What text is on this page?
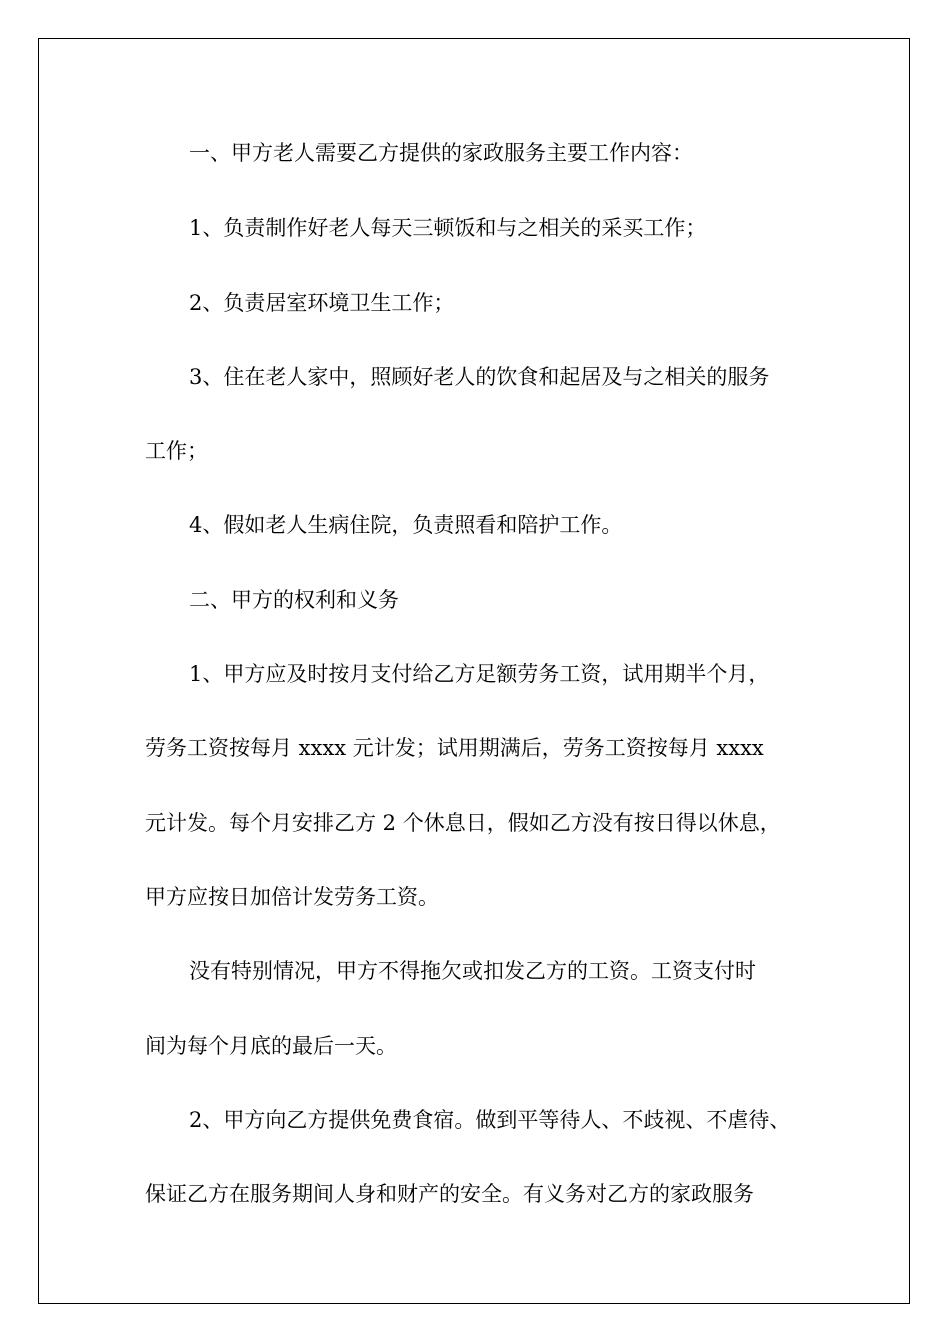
一、甲方老人需要乙方提供的家政服务主要工作内容：

1、负责制作好老人每天三顿饭和与之相关的采买工作；

2、负责居室环境卫生工作；

3、住在老人家中，照顾好老人的饮食和起居及与之相关的服务

工作；

4、假如老人生病住院，负责照看和陪护工作。

二、甲方的权利和义务

1、甲方应及时按月支付给乙方足额劳务工资，试用期半个月，

劳务工资按每月 xxxx 元计发；试用期满后，劳务工资按每月 xxxx

元计发。每个月安排乙方 2 个休息日，假如乙方没有按日得以休息，

甲方应按日加倍计发劳务工资。

没有特别情况，甲方不得拖欠或扣发乙方的工资。工资支付时

间为每个月底的最后一天。

2、甲方向乙方提供免费食宿。做到平等待人、不歧视、不虐待、

保证乙方在服务期间人身和财产的安全。有义务对乙方的家政服务
